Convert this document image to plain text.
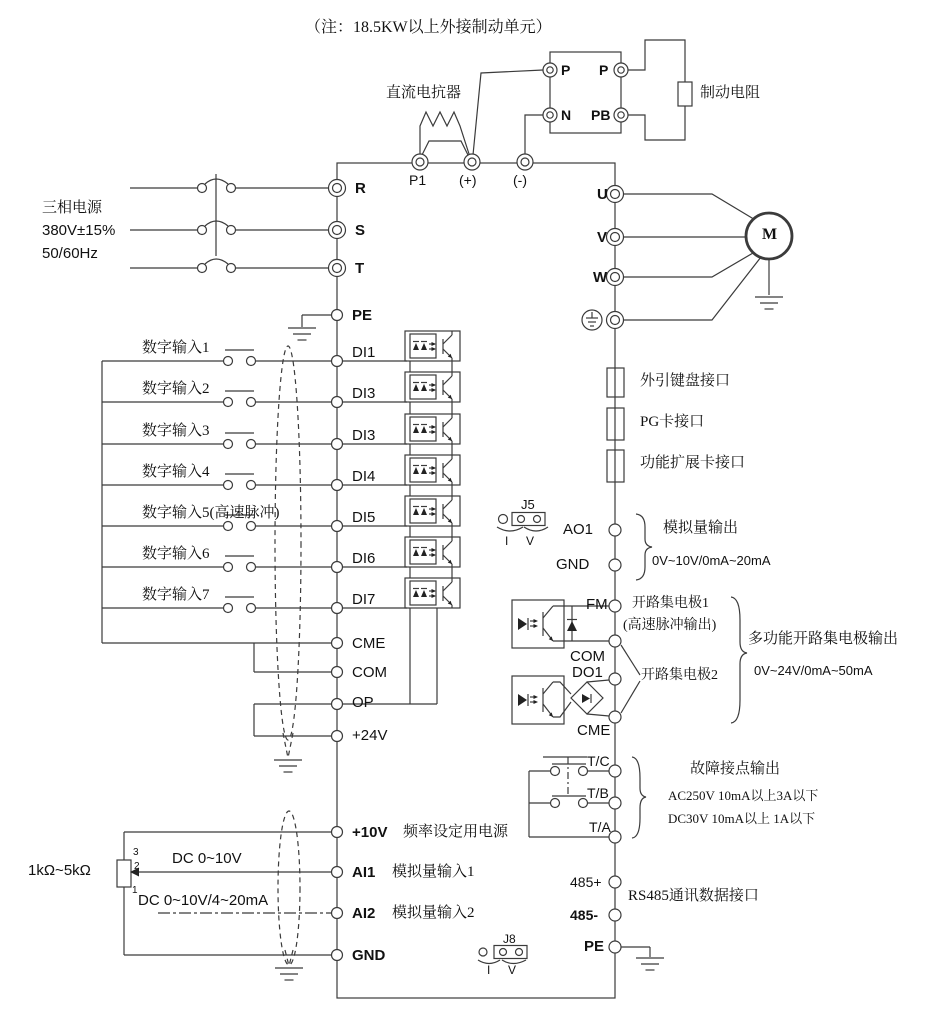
（注：18.5KW以上外接制动单元）
直流电抗器	制动电阻
P P
N PB
P1 (+)	(-)
三相电源
380V±15%
50/60Hz
R
S
T
PE
数字输入1
数字输入2
数字输入3
数字输入4
数字输入5(高速脉冲)
数字输入6
数字输入7
DI1
DI3
DI3
DI4
DI5
DI6
DI7
CME
COM
OP
+24V
+10V 频率设定用电源
AI1 模拟量输入1
AI2 模拟量输入2
GND
1kΩ~5kΩ
3
2
1
DC 0~10V
DC 0~10V/4~20mA
U
V
W
M
外引键盘接口
PG卡接口
功能扩展卡接口
J5
I V
AO1
GND
模拟量输出
0V~10V/0mA~20mA
FM
COM
DO1
CME
开路集电极1
(高速脉冲输出)
开路集电极2
多功能开路集电极输出
0V~24V/0mA~50mA
T/C
T/B
T/A
故障接点输出
AC250V 10mA以上3A以下
DC30V 10mA以上 1A以下
485+
485-
PE
RS485通讯数据接口
J8
I V
